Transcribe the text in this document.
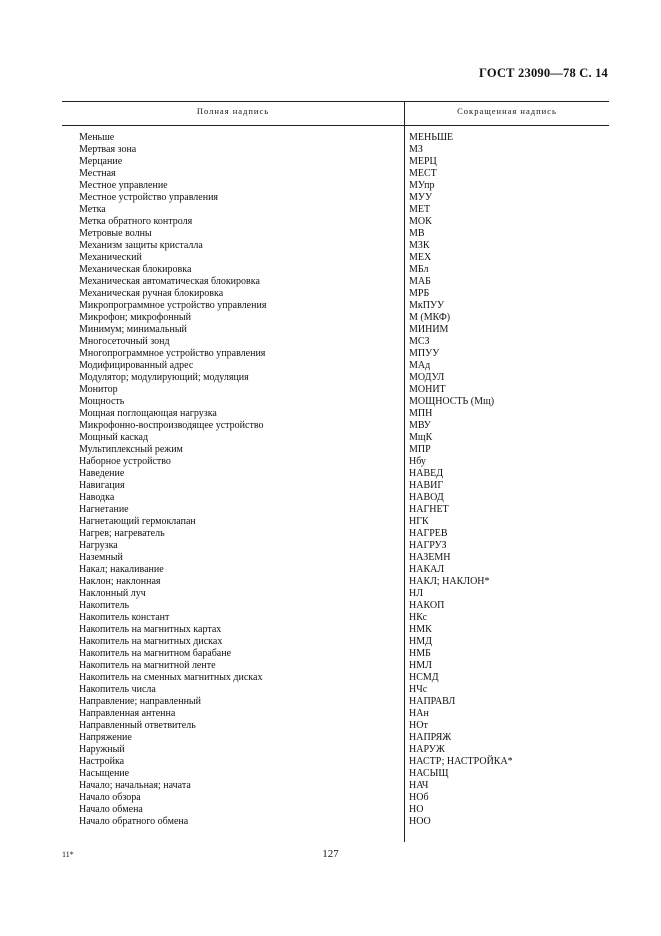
ГОСТ 23090—78 С. 14
Полная надпись	Сокращенная надпись
Меньше	МЕНЬШЕ
Мертвая зона	МЗ
Мерцание	МЕРЦ
Местная	МЕСТ
Местное управление	МУпр
Местное устройство управления	МУУ
Метка	МЕТ
Метка обратного контроля	МОК
Метровые волны	МВ
Механизм защиты кристалла	МЗК
Механический	МЕХ
Механическая блокировка	МБл
Механическая автоматическая блокировка	МАБ
Механическая ручная блокировка	МРБ
Микропрограммное устройство управления	МкПУУ
Микрофон; микрофонный	М (МКФ)
Минимум; минимальный	МИНИМ
Многосеточный зонд	МСЗ
Многопрограммное устройство управления	МПУУ
Модифицированный адрес	МАд
Модулятор; модулирующий; модуляция	МОДУЛ
Монитор	МОНИТ
Мощность	МОЩНОСТЬ (Мщ)
Мощная поглощающая нагрузка	МПН
Микрофонно-воспроизводящее устройство	МВУ
Мощный каскад	МщК
Мультиплексный режим	МПР
Наборное устройство	Нбу
Наведение	НАВЕД
Навигация	НАВИГ
Наводка	НАВОД
Нагнетание	НАГНЕТ
Нагнетающий гермоклапан	НГК
Нагрев; нагреватель	НАГРЕВ
Нагрузка	НАГРУЗ
Наземный	НАЗЕМН
Накал; накаливание	НАКАЛ
Наклон; наклонная	НАКЛ; НАКЛОН*
Наклонный луч	НЛ
Накопитель	НАКОП
Накопитель констант	НКс
Накопитель на магнитных картах	НМК
Накопитель на магнитных дисках	НМД
Накопитель на магнитном барабане	НМБ
Накопитель на магнитной ленте	НМЛ
Накопитель на сменных магнитных дисках	НСМД
Накопитель числа	НЧс
Направление; направленный	НАПРАВЛ
Направленная антенна	НАн
Направленный ответвитель	НОт
Напряжение	НАПРЯЖ
Наружный	НАРУЖ
Настройка	НАСТР; НАСТРОЙКА*
Насыщение	НАСЫЩ
Начало; начальная; начата	НАЧ
Начало обзора	НОб
Начало обмена	НО
Начало обратного обмена	НОО
11*	127
